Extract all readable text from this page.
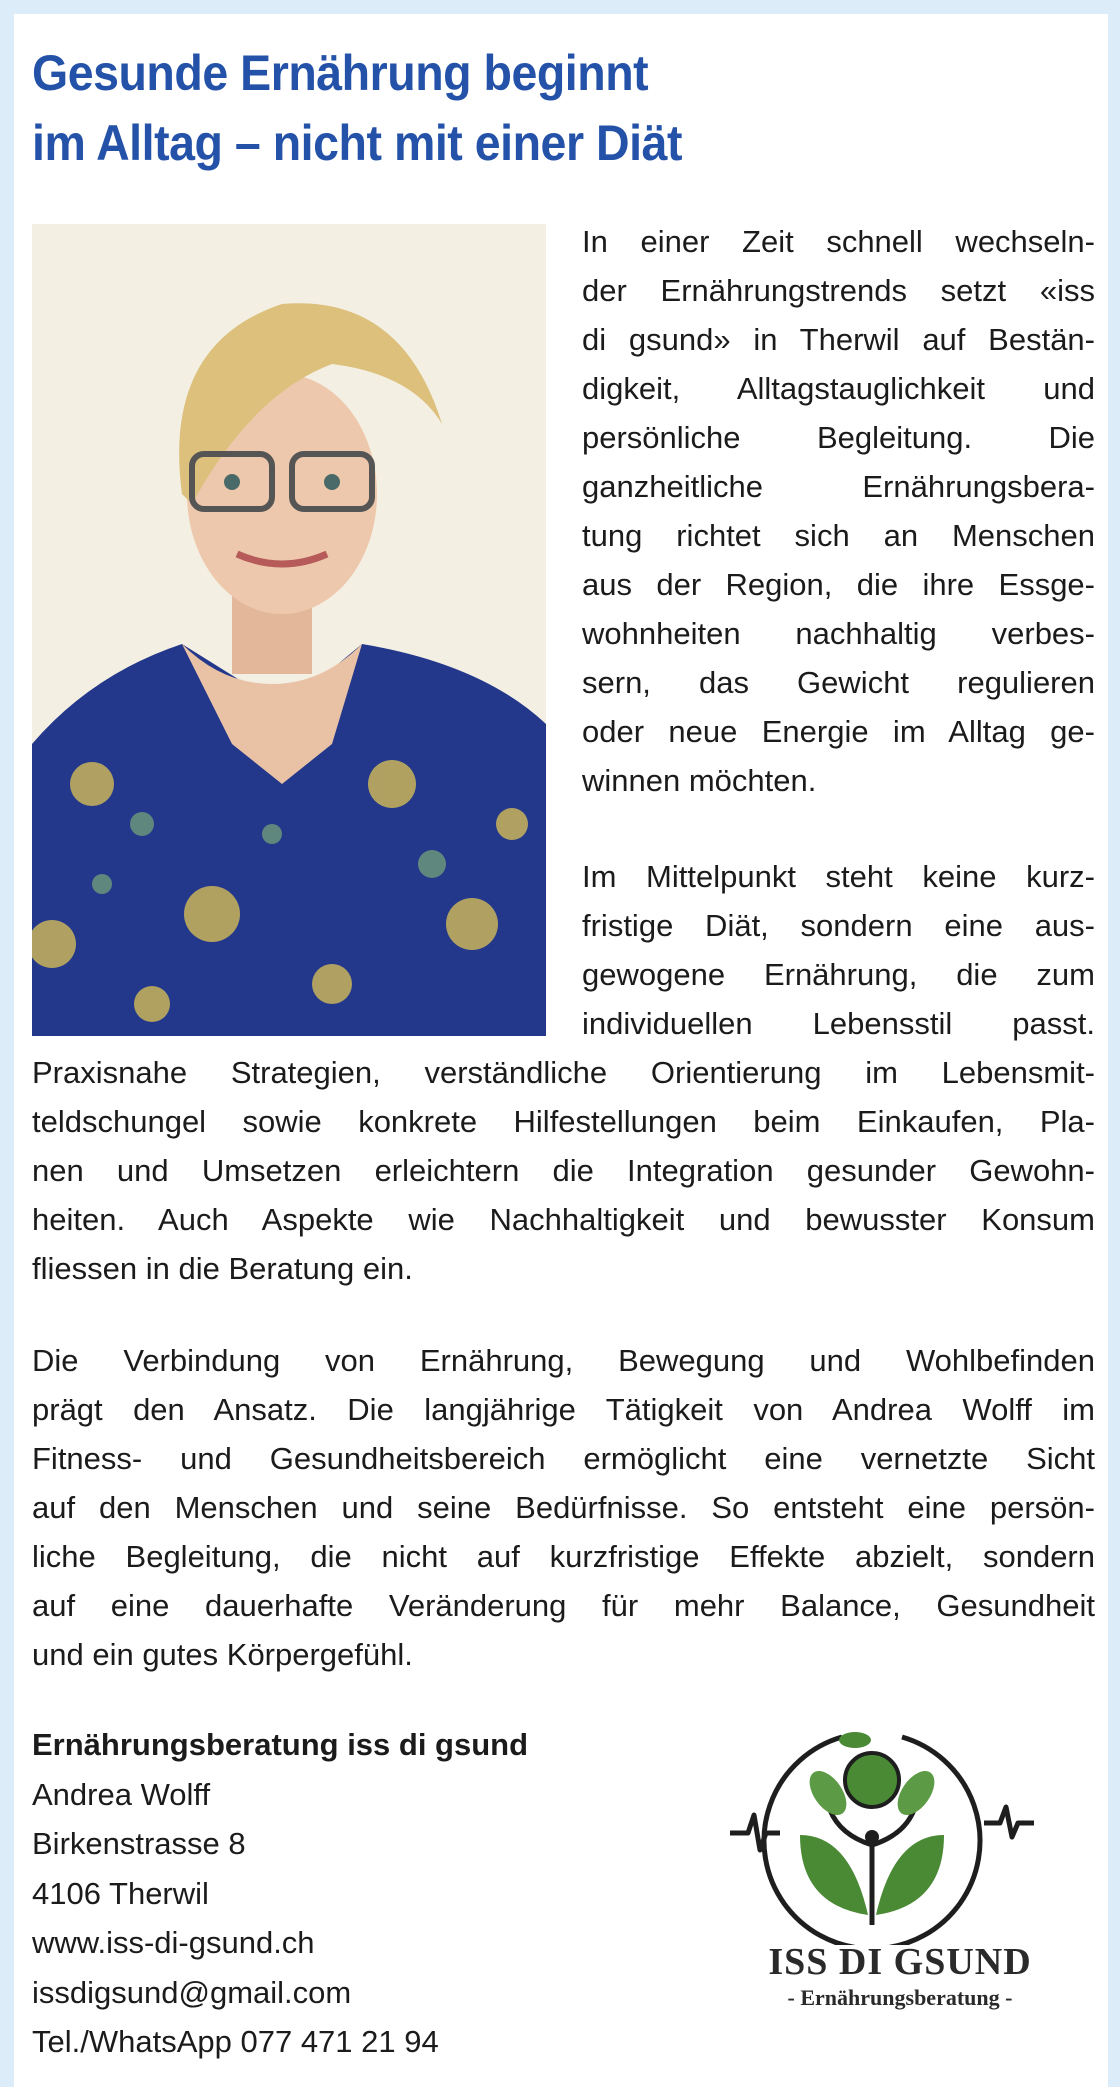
Gesunde Ernährung beginnt
im Alltag – nicht mit einer Diät
Ernährungsberatung iss di gsund
Andrea Wolff
Birkenstrasse 8
4106 Therwil
www.iss-di-gsund.ch
issdigsund@gmail.com
Tel./WhatsApp 077 471 21 94
ISS DI GSUND
- Ernährungsberatung -
In einer Zeit schnell wechseln-
der Ernährungstrends setzt «iss
di gsund» in Therwil auf Bestän-
digkeit, Alltagstauglichkeit und
persönliche Begleitung. Die
ganzheitliche Ernährungsbera-
tung richtet sich an Menschen
aus der Region, die ihre Essge-
wohnheiten nachhaltig verbes-
sern, das Gewicht regulieren
oder neue Energie im Alltag ge-
winnen möchten.
Im Mittelpunkt steht keine kurz-
fristige Diät, sondern eine aus-
gewogene Ernährung, die zum
individuellen Lebensstil passt.
Praxisnahe Strategien, verständliche Orientierung im Lebensmit-
teldschungel sowie konkrete Hilfestellungen beim Einkaufen, Pla-
nen und Umsetzen erleichtern die Integration gesunder Gewohn-
heiten. Auch Aspekte wie Nachhaltigkeit und bewusster Konsum
fliessen in die Beratung ein.
Die Verbindung von Ernährung, Bewegung und Wohlbefinden
prägt den Ansatz. Die langjährige Tätigkeit von Andrea Wolff im
Fitness- und Gesundheitsbereich ermöglicht eine vernetzte Sicht
auf den Menschen und seine Bedürfnisse. So entsteht eine persön-
liche Begleitung, die nicht auf kurzfristige Effekte abzielt, sondern
auf eine dauerhafte Veränderung für mehr Balance, Gesundheit
und ein gutes Körpergefühl.
